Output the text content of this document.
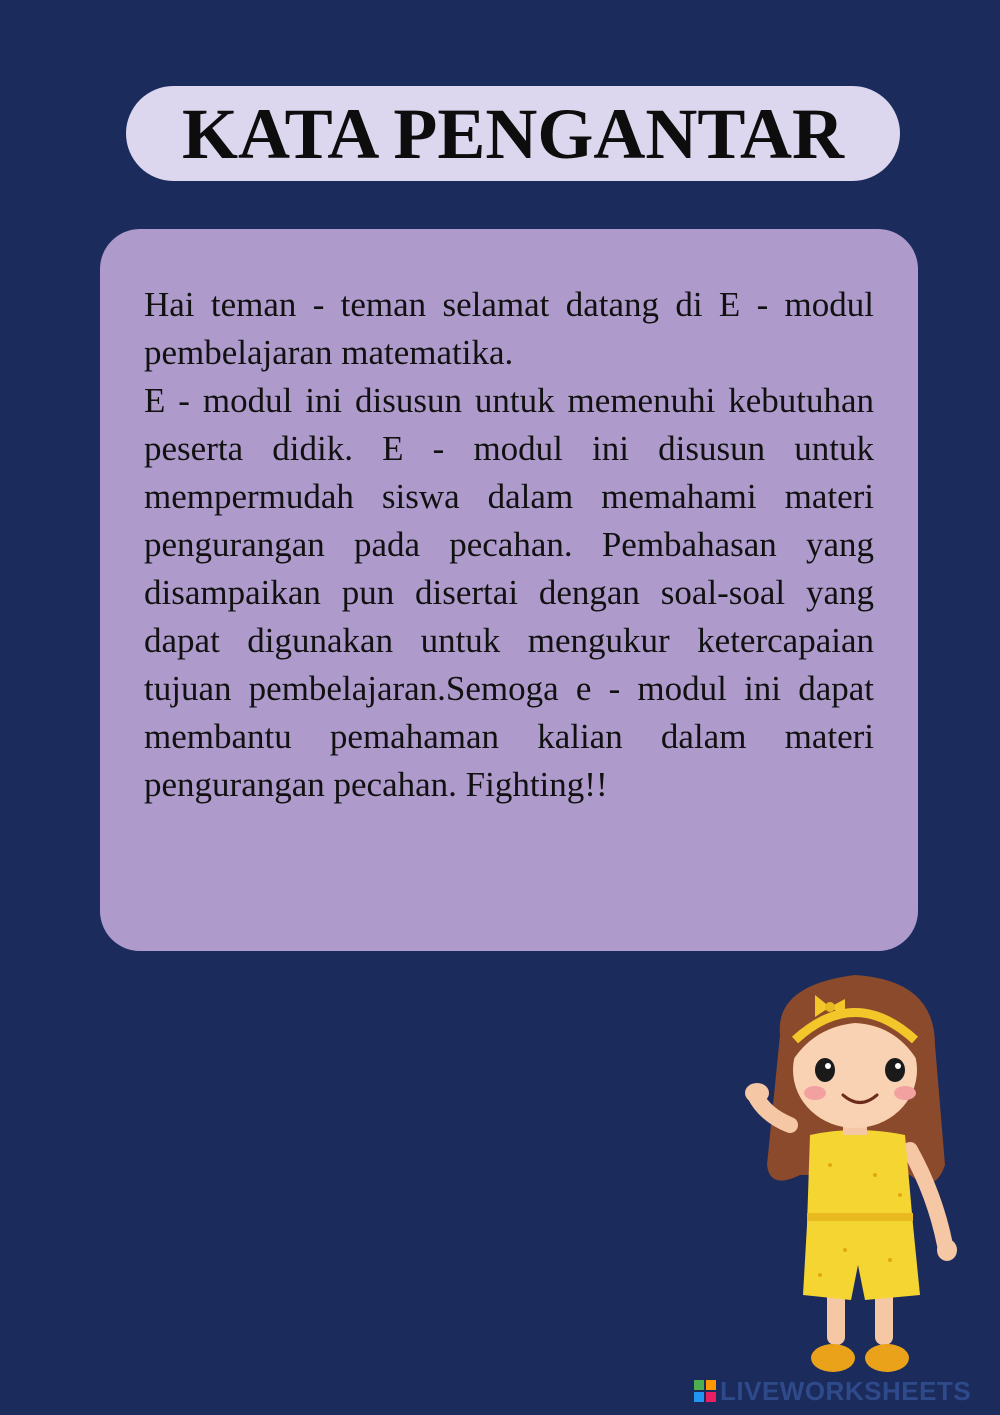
KATA PENGANTAR

Hai teman - teman selamat datang di E - modul pembelajaran matematika.

E - modul ini disusun untuk memenuhi kebutuhan peserta didik. E - modul ini disusun untuk mempermudah siswa dalam memahami materi pengurangan pada pecahan. Pembahasan yang disampaikan pun disertai dengan soal-soal yang dapat digunakan untuk mengukur ketercapaian tujuan pembelajaran.Semoga e - modul ini dapat membantu pemahaman kalian dalam materi pengurangan pecahan. Fighting!!

LIVEWORKSHEETS
